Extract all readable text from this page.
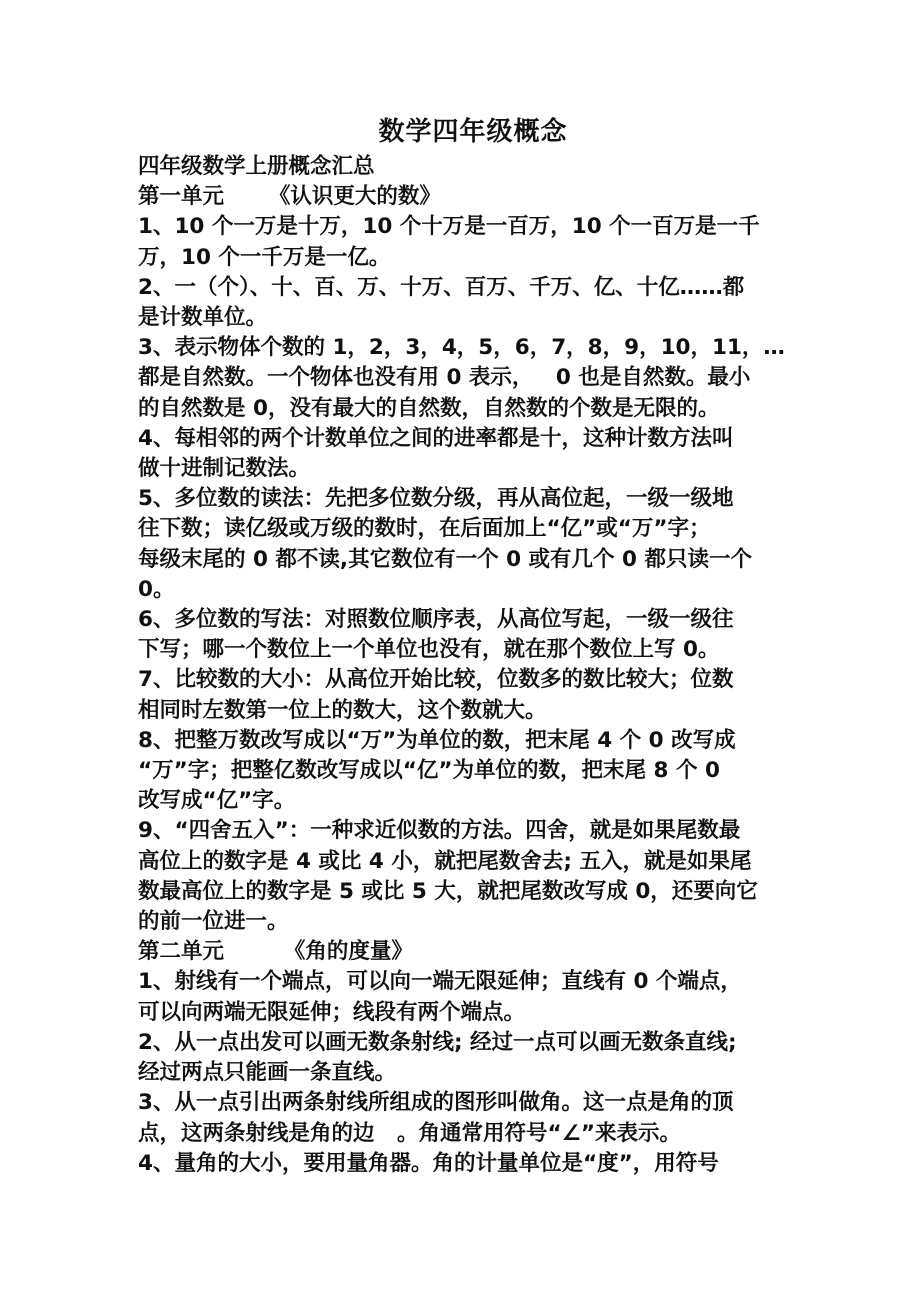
数学四年级概念
四年级数学上册概念汇总
第一单元      《认识更大的数》
1、10 个一万是十万，10 个十万是一百万，10 个一百万是一千
万，10 个一千万是一亿。
2、一（个）、十、百、万、十万、百万、千万、亿、十亿……都
是计数单位。
3、表示物体个数的 1，2，3，4，5，6，7，8，9，10，11，…
都是自然数。一个物体也没有用 0 表示，   0 也是自然数。最小
的自然数是 0，没有最大的自然数，自然数的个数是无限的。
4、每相邻的两个计数单位之间的进率都是十，这种计数方法叫
做十进制记数法。
5、多位数的读法：先把多位数分级，再从高位起，一级一级地
往下数；读亿级或万级的数时，在后面加上“亿”或“万”字；
每级末尾的 0 都不读,其它数位有一个 0 或有几个 0 都只读一个
0。
6、多位数的写法：对照数位顺序表，从高位写起，一级一级往
下写；哪一个数位上一个单位也没有，就在那个数位上写 0。
7、比较数的大小：从高位开始比较，位数多的数比较大；位数
相同时左数第一位上的数大，这个数就大。
8、把整万数改写成以“万”为单位的数，把末尾 4 个 0 改写成
“万”字；把整亿数改写成以“亿”为单位的数，把末尾 8 个 0
改写成“亿”字。
9、“四舍五入”：一种求近似数的方法。四舍，就是如果尾数最
高位上的数字是 4 或比 4 小，就把尾数舍去; 五入，就是如果尾
数最高位上的数字是 5 或比 5 大，就把尾数改写成 0，还要向它
的前一位进一。
第二单元        《角的度量》
1、射线有一个端点，可以向一端无限延伸；直线有 0 个端点，
可以向两端无限延伸；线段有两个端点。
2、从一点出发可以画无数条射线; 经过一点可以画无数条直线;
经过两点只能画一条直线。
3、从一点引出两条射线所组成的图形叫做角。这一点是角的顶
点，这两条射线是角的边   。角通常用符号“∠”来表示。
4、量角的大小，要用量角器。角的计量单位是“度”，用符号
